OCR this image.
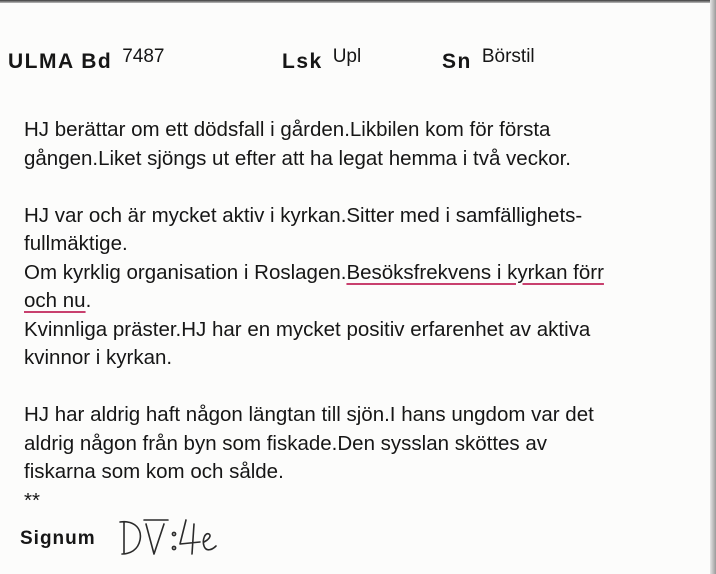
ULMA Bd 7487	Lsk Upl	Sn Börstil
HJ berättar om ett dödsfall i gården.Likbilen kom för första
gången.Liket sjöngs ut efter att ha legat hemma i två veckor.
HJ var och är mycket aktiv i kyrkan.Sitter med i samfällighets-
fullmäktige.
Om kyrklig organisation i Roslagen.Besöksfrekvens i kyrkan förr
och nu.
Kvinnliga präster.HJ har en mycket positiv erfarenhet av aktiva
kvinnor i kyrkan.
HJ har aldrig haft någon längtan till sjön.I hans ungdom var det
aldrig någon från byn som fiskade.Den sysslan sköttes av
fiskarna som kom och sålde.
**
Signum
